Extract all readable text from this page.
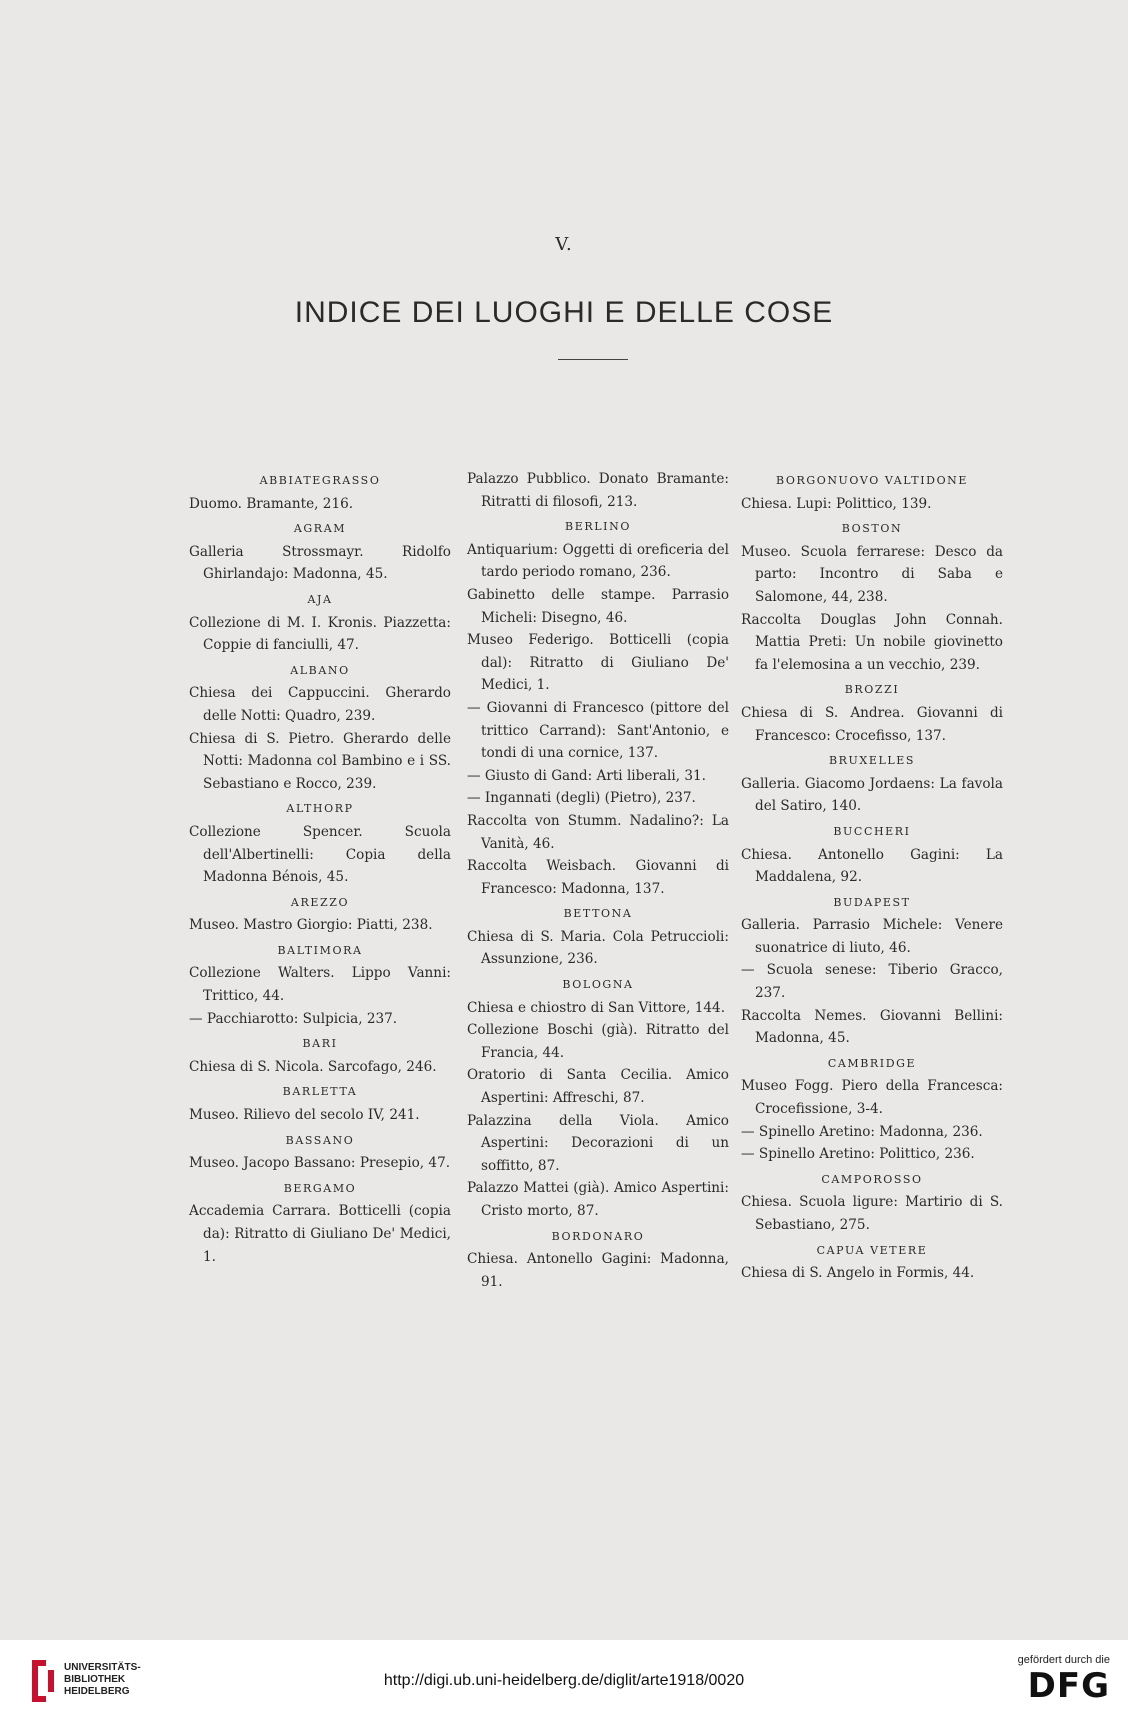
V.
INDICE DEI LUOGHI E DELLE COSE
ABBIATEGRASSO
Duomo. Bramante, 216.
AGRAM
Galleria Strossmayr. Ridolfo Ghirlandajo: Madonna, 45.
AJA
Collezione di M. I. Kronis. Piazzetta: Coppie di fanciulli, 47.
ALBANO
Chiesa dei Cappuccini. Gherardo delle Notti: Quadro, 239.
Chiesa di S. Pietro. Gherardo delle Notti: Madonna col Bambino e i SS. Sebastiano e Rocco, 239.
ALTHORP
Collezione Spencer. Scuola dell'Albertinelli: Copia della Madonna Bénois, 45.
AREZZO
Museo. Mastro Giorgio: Piatti, 238.
BALTIMORA
Collezione Walters. Lippo Vanni: Trittico, 44.
— Pacchiarotto: Sulpicia, 237.
BARI
Chiesa di S. Nicola. Sarcofago, 246.
BARLETTA
Museo. Rilievo del secolo IV, 241.
BASSANO
Museo. Jacopo Bassano: Presepio, 47.
BERGAMO
Accademia Carrara. Botticelli (copia da): Ritratto di Giuliano De' Medici, 1.
Palazzo Pubblico. Donato Bramante: Ritratti di filosofi, 213.
BERLINO
Antiquarium: Oggetti di oreficeria del tardo periodo romano, 236.
Gabinetto delle stampe. Parrasio Micheli: Disegno, 46.
Museo Federigo. Botticelli (copia dal): Ritratto di Giuliano De' Medici, 1.
— Giovanni di Francesco (pittore del trittico Carrand): Sant'Antonio, e tondi di una cornice, 137.
— Giusto di Gand: Arti liberali, 31.
— Ingannati (degli) (Pietro), 237.
Raccolta von Stumm. Nadalino?: La Vanità, 46.
Raccolta Weisbach. Giovanni di Francesco: Madonna, 137.
BETTONA
Chiesa di S. Maria. Cola Petruccioli: Assunzione, 236.
BOLOGNA
Chiesa e chiostro di San Vittore, 144.
Collezione Boschi (già). Ritratto del Francia, 44.
Oratorio di Santa Cecilia. Amico Aspertini: Affreschi, 87.
Palazzina della Viola. Amico Aspertini: Decorazioni di un soffitto, 87.
Palazzo Mattei (già). Amico Aspertini: Cristo morto, 87.
BORDONARO
Chiesa. Antonello Gagini: Madonna, 91.
BORGONUOVO VALTIDONE
Chiesa. Lupi: Polittico, 139.
BOSTON
Museo. Scuola ferrarese: Desco da parto: Incontro di Saba e Salomone, 44, 238.
Raccolta Douglas John Connah. Mattia Preti: Un nobile giovinetto fa l'elemosina a un vecchio, 239.
BROZZI
Chiesa di S. Andrea. Giovanni di Francesco: Crocefisso, 137.
BRUXELLES
Galleria. Giacomo Jordaens: La favola del Satiro, 140.
BUCCHERI
Chiesa. Antonello Gagini: La Maddalena, 92.
BUDAPEST
Galleria. Parrasio Michele: Venere suonatrice di liuto, 46.
— Scuola senese: Tiberio Gracco, 237.
Raccolta Nemes. Giovanni Bellini: Madonna, 45.
CAMBRIDGE
Museo Fogg. Piero della Francesca: Crocefissione, 3-4.
— Spinello Aretino: Madonna, 236.
— Spinello Aretino: Polittico, 236.
CAMPOROSSO
Chiesa. Scuola ligure: Martirio di S. Sebastiano, 275.
CAPUA VETERE
Chiesa di S. Angelo in Formis, 44.
UNIVERSITÄTS-
BIBLIOTHEK
HEIDELBERG
http://digi.ub.uni-heidelberg.de/diglit/arte1918/0020
gefördert durch die
DFG
